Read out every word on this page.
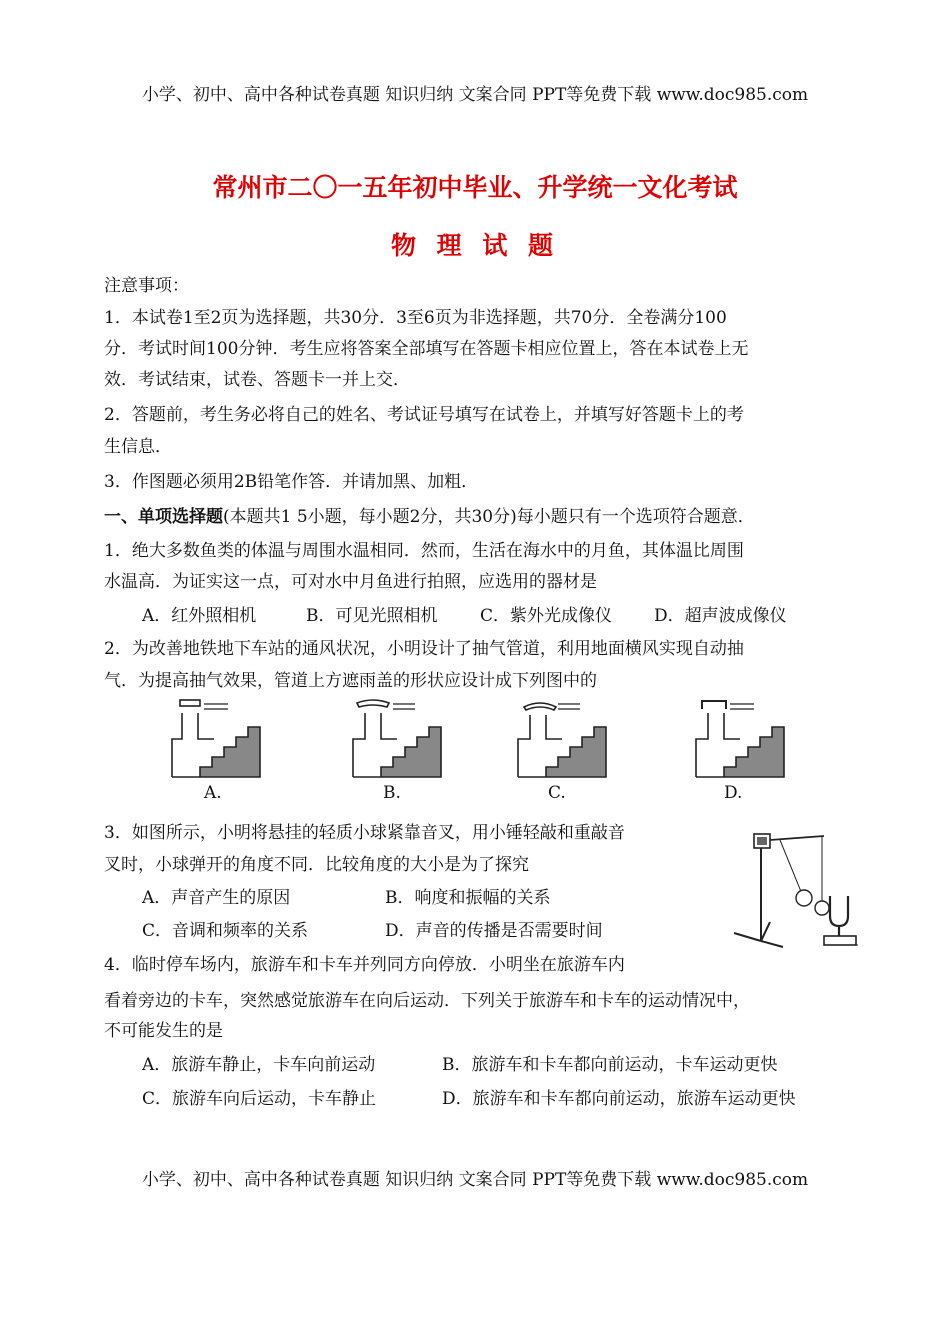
小学、初中、高中各种试卷真题 知识归纳 文案合同 PPT等免费下载 www.doc985.com
常州市二〇一五年初中毕业、升学统一文化考试
物 理 试 题
注意事项：
1．本试卷1至2页为选择题，共30分．3至6页为非选择题，共70分．全卷满分100
分．考试时间100分钟．考生应将答案全部填写在答题卡相应位置上，答在本试卷上无
效．考试结束，试卷、答题卡一并上交．
2．答题前，考生务必将自己的姓名、考试证号填写在试卷上，并填写好答题卡上的考
生信息．
3．作图题必须用2B铅笔作答．并请加黑、加粗．
一、单项选择题(本题共1 5小题，每小题2分，共30分)每小题只有一个选项符合题意．
1．绝大多数鱼类的体温与周围水温相同．然而，生活在海水中的月鱼，其体温比周围
水温高．为证实这一点，可对水中月鱼进行拍照，应选用的器材是
A．红外照相机	B．可见光照相机	C．紫外光成像仪 D．超声波成像仪
2．为改善地铁地下车站的通风状况，小明设计了抽气管道，利用地面横风实现自动抽
气．为提高抽气效果，管道上方遮雨盖的形状应设计成下列图中的
A.	B.	C.	D.
3．如图所示，小明将悬挂的轻质小球紧靠音叉，用小锤轻敲和重敲音
叉时，小球弹开的角度不同．比较角度的大小是为了探究
A．声音产生的原因	B．响度和振幅的关系
C．音调和频率的关系	D．声音的传播是否需要时间
4．临时停车场内，旅游车和卡车并列同方向停放．小明坐在旅游车内
看着旁边的卡车，突然感觉旅游车在向后运动．下列关于旅游车和卡车的运动情况中，
不可能发生的是
A．旅游车静止，卡车向前运动	B．旅游车和卡车都向前运动，卡车运动更快
C．旅游车向后运动，卡车静止	D．旅游车和卡车都向前运动，旅游车运动更快
小学、初中、高中各种试卷真题 知识归纳 文案合同 PPT等免费下载 www.doc985.com
